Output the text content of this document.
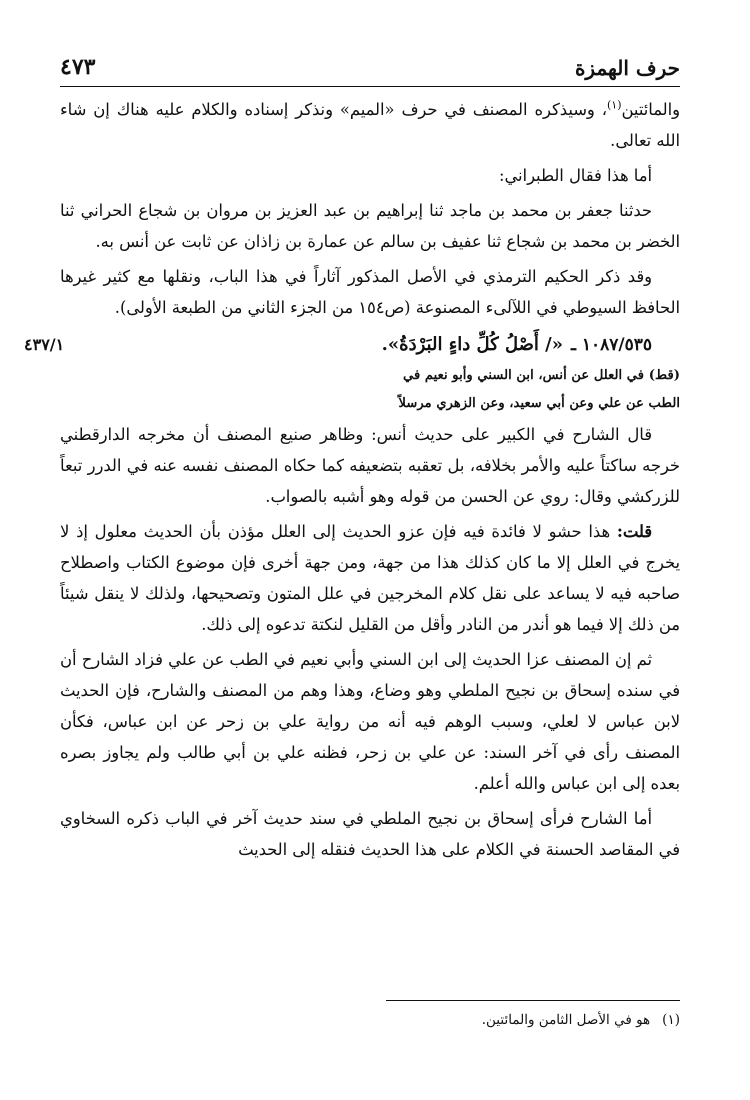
حرف الهمزة
٤٧٣

والمائتين$^{(١)}$، وسيذكره المصنف في حرف «الميم» ونذكر إسناده والكلام عليه هناك إن شاء الله تعالى.

أما هذا فقال الطبراني:

حدثنا جعفر بن محمد بن ماجد ثنا إبراهيم بن عبد العزيز بن مروان بن شجاع الحراني ثنا الخضر بن محمد بن شجاع ثنا عفيف بن سالم عن عمارة بن زاذان عن ثابت عن أنس به.

وقد ذكر الحكيم الترمذي في الأصل المذكور آثاراً في هذا الباب، ونقلها مع كثير غيرها الحافظ السيوطي في اللآلىء المصنوعة (ص١٥٤ من الجزء الثاني من الطبعة الأولى).

١٠٨٧/٥٣٥ ـ«/ أَصْلُ كُلِّ داءٍ البَرْدَةُ».
٤٣٧/١
(قط) في العلل عن أنس، ابن السني وأبو نعيم في
الطب عن علي وعن أبي سعيد، وعن الزهري مرسلاً

قال الشارح في الكبير على حديث أنس: وظاهر صنيع المصنف أن مخرجه الدارقطني خرجه ساكتاً عليه والأمر بخلافه، بل تعقبه بتضعيفه كما حكاه المصنف نفسه عنه في الدرر تبعاً للزركشي وقال: روي عن الحسن من قوله وهو أشبه بالصواب.

قلت: هذا حشو لا فائدة فيه فإن عزو الحديث إلى العلل مؤذن بأن الحديث معلول إذ لا يخرج في العلل إلا ما كان كذلك هذا من جهة، ومن جهة أخرى فإن موضوع الكتاب واصطلاح صاحبه فيه لا يساعد على نقل كلام المخرجين في علل المتون وتصحيحها، ولذلك لا ينقل شيئاً من ذلك إلا فيما هو أندر من النادر وأقل من القليل لنكتة تدعوه إلى ذلك.

ثم إن المصنف عزا الحديث إلى ابن السني وأبي نعيم في الطب عن علي فزاد الشارح أن في سنده إسحاق بن نجيح الملطي وهو وضاع، وهذا وهم من المصنف والشارح، فإن الحديث لابن عباس لا لعلي، وسبب الوهم فيه أنه من رواية علي بن زحر عن ابن عباس، فكأن المصنف رأى في آخر السند: عن علي بن زحر، فظنه علي بن أبي طالب ولم يجاوز بصره بعده إلى ابن عباس والله أعلم.

أما الشارح فرأى إسحاق بن نجيح الملطي في سند حديث آخر في الباب ذكره السخاوي في المقاصد الحسنة في الكلام على هذا الحديث فنقله إلى الحديث

(١)هو في الأصل الثامن والمائتين.
